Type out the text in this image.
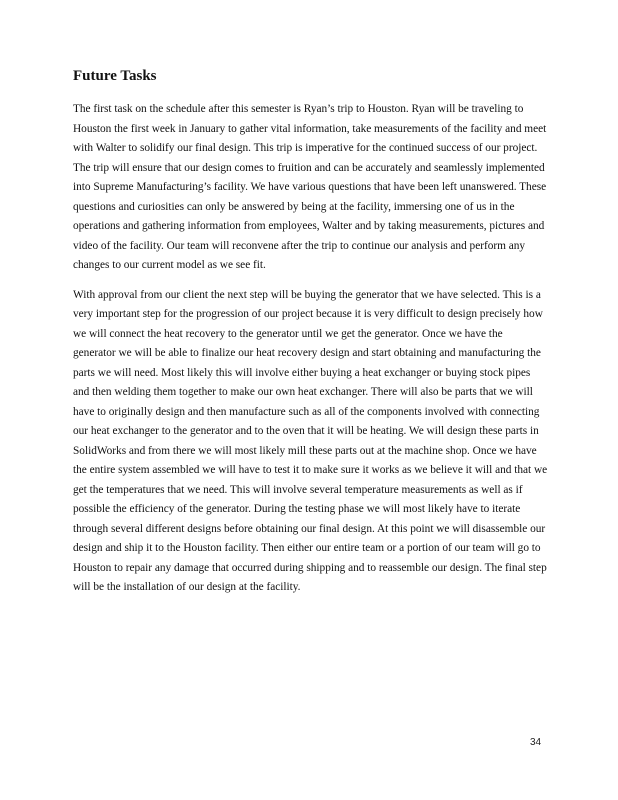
Future Tasks

The first task on the schedule after this semester is Ryan’s trip to Houston. Ryan will be traveling to Houston the first week in January to gather vital information, take measurements of the facility and meet with Walter to solidify our final design. This trip is imperative for the continued success of our project. The trip will ensure that our design comes to fruition and can be accurately and seamlessly implemented into Supreme Manufacturing’s facility. We have various questions that have been left unanswered. These questions and curiosities can only be answered by being at the facility, immersing one of us in the operations and gathering information from employees, Walter and by taking measurements, pictures and video of the facility. Our team will reconvene after the trip to continue our analysis and perform any changes to our current model as we see fit.

With approval from our client the next step will be buying the generator that we have selected. This is a very important step for the progression of our project because it is very difficult to design precisely how we will connect the heat recovery to the generator until we get the generator. Once we have the generator we will be able to finalize our heat recovery design and start obtaining and manufacturing the parts we will need. Most likely this will involve either buying a heat exchanger or buying stock pipes and then welding them together to make our own heat exchanger. There will also be parts that we will have to originally design and then manufacture such as all of the components involved with connecting our heat exchanger to the generator and to the oven that it will be heating. We will design these parts in SolidWorks and from there we will most likely mill these parts out at the machine shop. Once we have the entire system assembled we will have to test it to make sure it works as we believe it will and that we get the temperatures that we need. This will involve several temperature measurements as well as if possible the efficiency of the generator. During the testing phase we will most likely have to iterate through several different designs before obtaining our final design. At this point we will disassemble our design and ship it to the Houston facility. Then either our entire team or a portion of our team will go to Houston to repair any damage that occurred during shipping and to reassemble our design. The final step will be the installation of our design at the facility.

34
